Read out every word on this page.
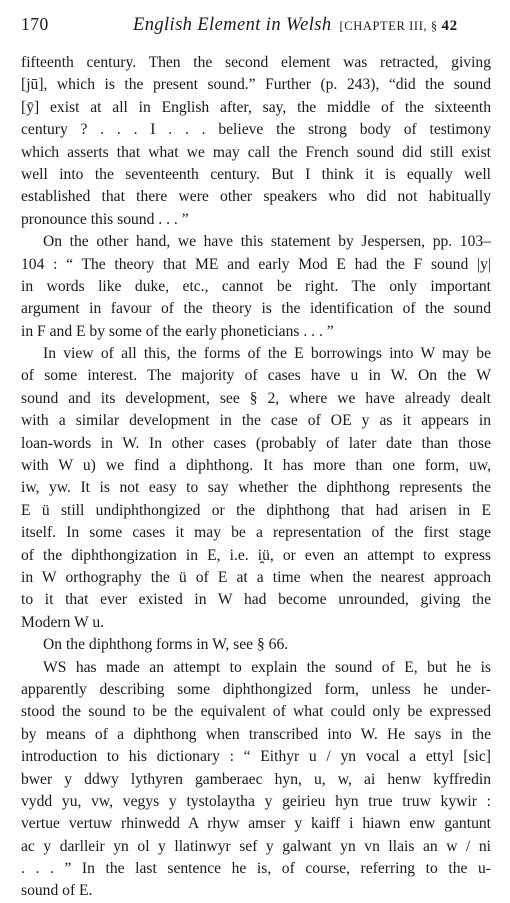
170	English Element in Welsh [CHAPTER III, § 42
fifteenth century. Then the second element was retracted, giving
[jū], which is the present sound.” Further (p. 243), “did the sound
[ȳ] exist at all in English after, say, the middle of the sixteenth
century ? . . . I . . . believe the strong body of testimony
which asserts that what we may call the French sound did still exist
well into the seventeenth century. But I think it is equally well
established that there were other speakers who did not habitually
pronounce this sound . . . ”
On the other hand, we have this statement by Jespersen, pp. 103–
104 : “ The theory that ME and early Mod E had the F sound |y|
in words like duke, etc., cannot be right. The only important
argument in favour of the theory is the identification of the sound
in F and E by some of the early phoneticians . . . ”
In view of all this, the forms of the E borrowings into W may be
of some interest. The majority of cases have u in W. On the W
sound and its development, see § 2, where we have already dealt
with a similar development in the case of OE y as it appears in
loan-words in W. In other cases (probably of later date than those
with W u) we find a diphthong. It has more than one form, uw,
iw, yw. It is not easy to say whether the diphthong represents the
E ü still undiphthongized or the diphthong that had arisen in E
itself. In some cases it may be a representation of the first stage
of the diphthongization in E, i.e. i̯ü, or even an attempt to express
in W orthography the ü of E at a time when the nearest approach
to it that ever existed in W had become unrounded, giving the
Modern W u.
On the diphthong forms in W, see § 66.
WS has made an attempt to explain the sound of E, but he is
apparently describing some diphthongized form, unless he under-
stood the sound to be the equivalent of what could only be expressed
by means of a diphthong when transcribed into W. He says in the
introduction to his dictionary : “ Eithyr u / yn vocal a ettyl [sic]
bwer y ddwy lythyren gamberaec hyn, u, w, ai henw kyffredin
vydd yu, vw, vegys y tystolaytha y geirieu hyn true truw kywir :
vertue vertuw rhinwedd A rhyw amser y kaiff i hiawn enw gantunt
ac y darlleir yn ol y llatinwyr sef y galwant yn vn llais an w / ni
. . . ” In the last sentence he is, of course, referring to the u-
sound of E.
